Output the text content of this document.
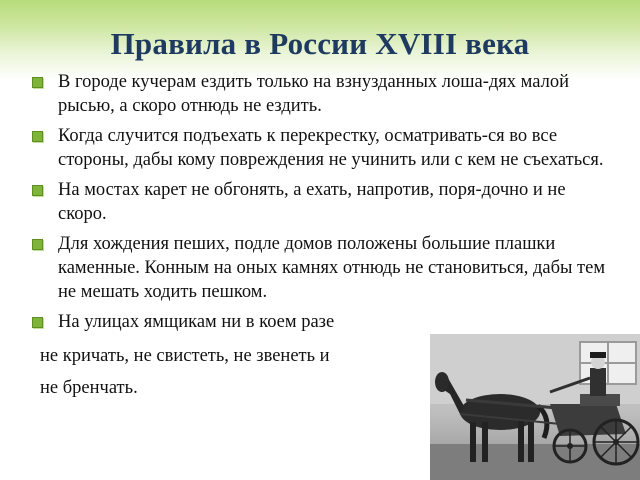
Правила в России XVIII века
В городе кучерам ездить только на взнузданных лоша-дях малой рысью, а скоро отнюдь не ездить.
Когда случится подъехать к перекрестку, осматривать-ся во все стороны, дабы кому повреждения не учинить или с кем не съехаться.
На мостах карет не обгонять, а ехать, напротив, поря-дочно и не скоро.
Для хождения пеших, подле домов положены большие плашки каменные. Конным на оных камнях отнюдь не становиться, дабы тем не мешать ходить пешком.
На улицах ямщикам ни в коем разе
не кричать, не свистеть, не звенеть и
не бренчать.
